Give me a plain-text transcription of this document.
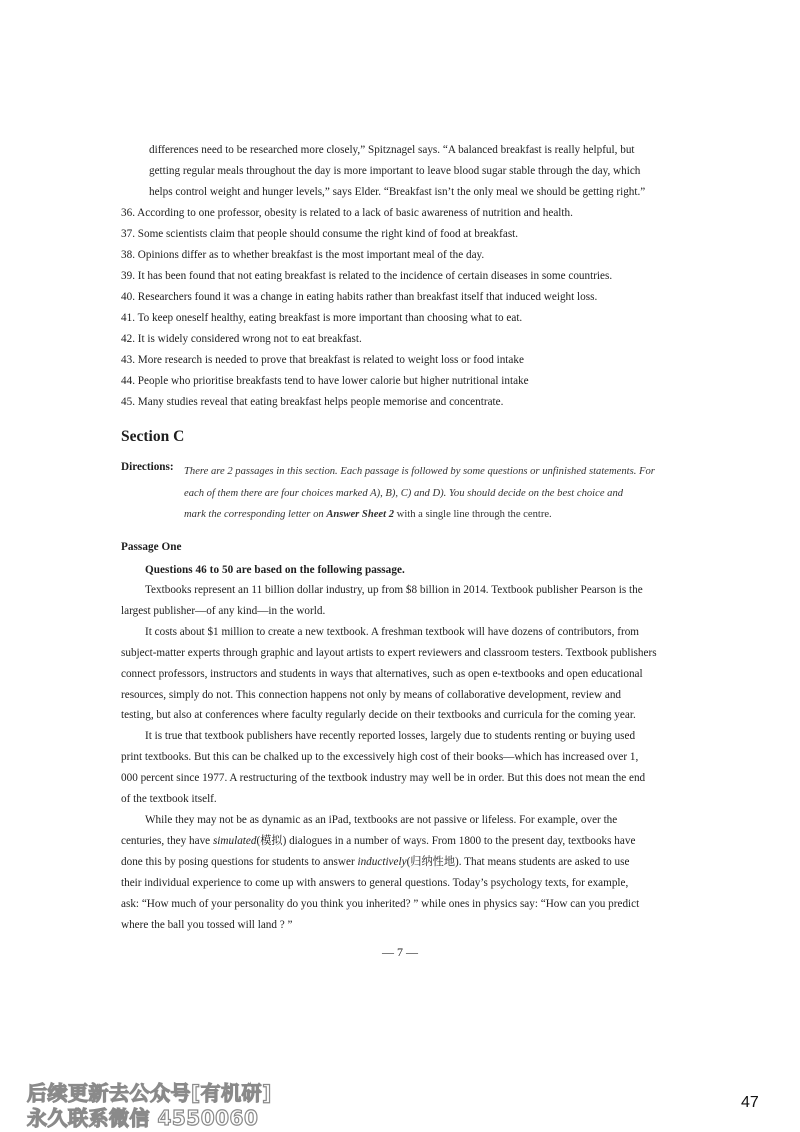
differences need to be researched more closely,” Spitznagel says. “A balanced breakfast is really helpful, but
getting regular meals throughout the day is more important to leave blood sugar stable through the day, which
helps control weight and hunger levels,” says Elder. “Breakfast isn’t the only meal we should be getting right.”
36. According to one professor, obesity is related to a lack of basic awareness of nutrition and health.
37. Some scientists claim that people should consume the right kind of food at breakfast.
38. Opinions differ as to whether breakfast is the most important meal of the day.
39. It has been found that not eating breakfast is related to the incidence of certain diseases in some countries.
40. Researchers found it was a change in eating habits rather than breakfast itself that induced weight loss.
41. To keep oneself healthy, eating breakfast is more important than choosing what to eat.
42. It is widely considered wrong not to eat breakfast.
43. More research is needed to prove that breakfast is related to weight loss or food intake
44. People who prioritise breakfasts tend to have lower calorie but higher nutritional intake
45. Many studies reveal that eating breakfast helps people memorise and concentrate.
Section C
Directions: There are 2 passages in this section. Each passage is followed by some questions or unfinished statements. For
each of them there are four choices marked A), B), C) and D). You should decide on the best choice and
mark the corresponding letter on Answer Sheet 2 with a single line through the centre.
Passage One
Questions 46 to 50 are based on the following passage.
Textbooks represent an 11 billion dollar industry, up from $8 billion in 2014. Textbook publisher Pearson is the
largest publisher—of any kind—in the world.
It costs about $1 million to create a new textbook. A freshman textbook will have dozens of contributors, from
subject-matter experts through graphic and layout artists to expert reviewers and classroom testers. Textbook publishers
connect professors, instructors and students in ways that alternatives, such as open e-textbooks and open educational
resources, simply do not. This connection happens not only by means of collaborative development, review and
testing, but also at conferences where faculty regularly decide on their textbooks and curricula for the coming year.
It is true that textbook publishers have recently reported losses, largely due to students renting or buying used
print textbooks. But this can be chalked up to the excessively high cost of their books—which has increased over 1,
000 percent since 1977. A restructuring of the textbook industry may well be in order. But this does not mean the end
of the textbook itself.
While they may not be as dynamic as an iPad, textbooks are not passive or lifeless. For example, over the
centuries, they have simulated(模拟) dialogues in a number of ways. From 1800 to the present day, textbooks have
done this by posing questions for students to answer inductively(归纳性地). That means students are asked to use
their individual experience to come up with answers to general questions. Today’s psychology texts, for example,
ask: “How much of your personality do you think you inherited? ” while ones in physics say: “How can you predict
where the ball you tossed will land ? ”
— 7 —
后续更新去公众号[有机研]
永久联系微信 4550060
47
